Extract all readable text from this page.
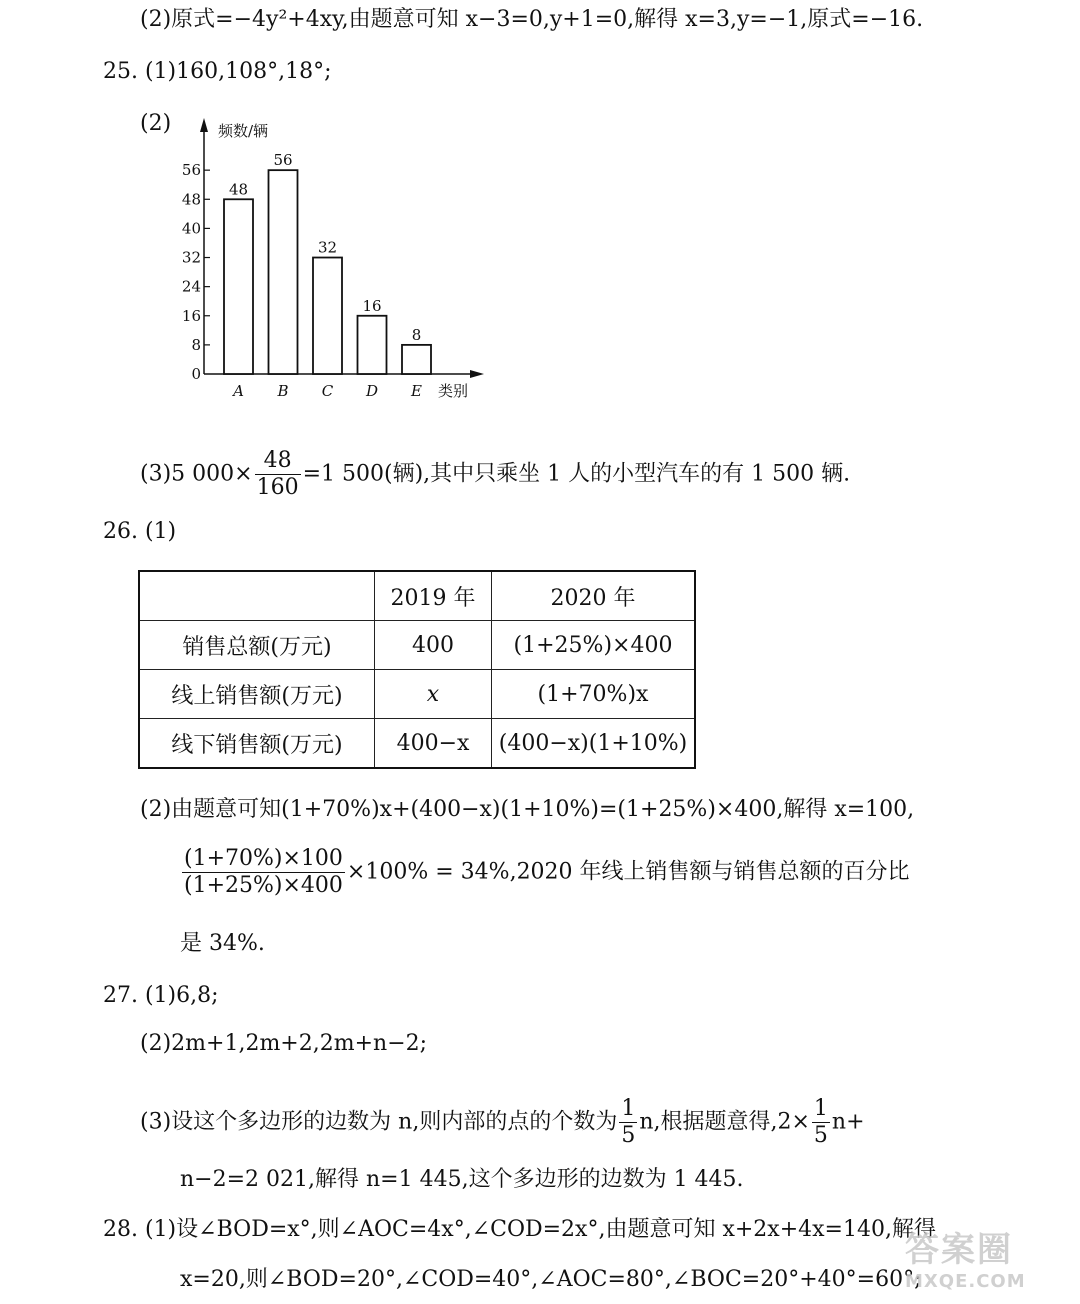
(2)原式=−4y²+4xy,由题意可知 x−3=0,y+1=0,解得 x=3,y=−1,原式=−16.
25. (1)160,108°,18°;
(2)	频数/辆
0
8
16
24
32
40
48
56
48
A
56
B
32
C
16
D
8
E 类别
(3)5 $000\times \frac{48}{160} =1$ 500(辆),其中只乘坐 1 人的小型汽车的有 1 500 辆.
26. (1)
	2019 年	2020 年
销售总额(万元)	400	(1+25%)×400
线上销售额(万元)	x	(1+70%)x
线下销售额(万元)	400−x	(400−x)(1+10%)
(2)由题意可知(1+70%)x+(400−x)(1+10%)=(1+25%)×400,解得 x=100,
$\frac{(1+70\%)\times 100}{(1+25\%)\times 400} \times 100\% = 34\%,2020$ 年线上销售额与销售总额的百分比
是 34%.
27. (1)6,8;
(2)2m+1,2m+2,2m+n−2;
(3)设这个多边形的边数为 n,则内部的点的个数为 $\frac{1}{5} n$,根据题意得$,2\times \frac{1}{5} n+$
n−2=2 021,解得 n=1 445,这个多边形的边数为 1 445.
28. (1)设∠BOD=x°,则∠AOC=4x°,∠COD=2x°,由题意可知 x+2x+4x=140,解得
x=20,则∠BOD=20°,∠COD=40°,∠AOC=80°,∠BOC=20°+40°=60°;
答案圈
MXQE.COM
